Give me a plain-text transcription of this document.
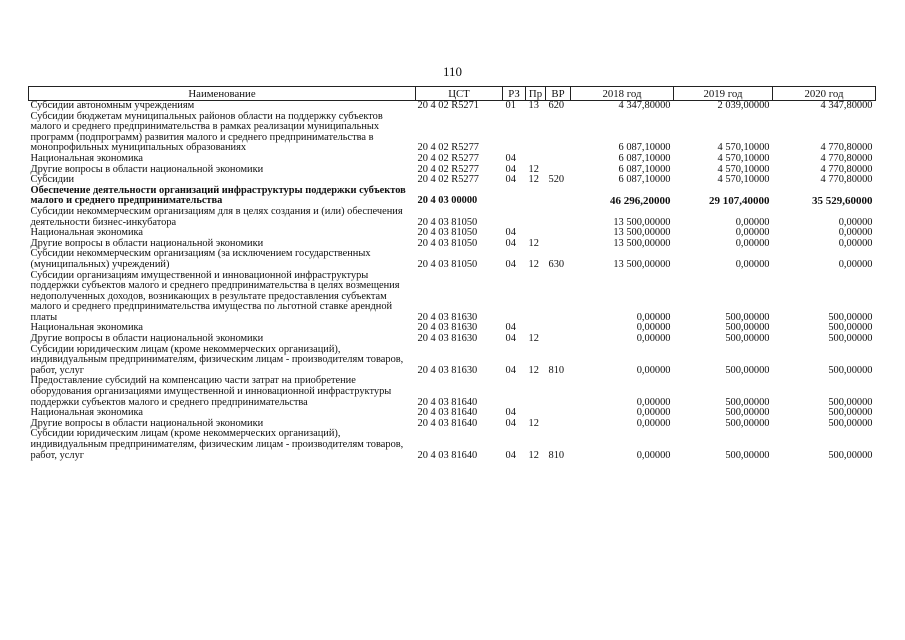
110
Наименование	ЦСТ	РЗ	Пр	ВР	2018 год	2019 год	2020 год
Субсидии автономным учреждениям	20 4 02 R5271	01	13	620	4 347,80000	2 039,00000	4 347,80000
Субсидии бюджетам муниципальных районов области на поддержку субъектов малого и среднего предпринимательства в рамках реализации муниципальных программ (подпрограмм) развития малого и среднего предпринимательства в монопрофильных муниципальных образованиях	20 4 02 R5277				6 087,10000	4 570,10000	4 770,80000
Национальная экономика	20 4 02 R5277	04			6 087,10000	4 570,10000	4 770,80000
Другие вопросы в области национальной экономики	20 4 02 R5277	04	12		6 087,10000	4 570,10000	4 770,80000
Субсидии	20 4 02 R5277	04	12	520	6 087,10000	4 570,10000	4 770,80000
Обеспечение деятельности организаций инфраструктуры поддержки субъектов малого и среднего предпринимательства	20 4 03 00000				46 296,20000	29 107,40000	35 529,60000
Субсидии некоммерческим организациям для в целях создания и (или) обеспечения деятельности бизнес-инкубатора	20 4 03 81050				13 500,00000	0,00000	0,00000
Национальная экономика	20 4 03 81050	04			13 500,00000	0,00000	0,00000
Другие вопросы в области национальной экономики	20 4 03 81050	04	12		13 500,00000	0,00000	0,00000
Субсидии некоммерческим организациям (за исключением государственных (муниципальных) учреждений)	20 4 03 81050	04	12	630	13 500,00000	0,00000	0,00000
Субсидии организациям имущественной и инновационной инфраструктуры поддержки субъектов малого и среднего предпринимательства в целях возмещения недополученных доходов, возникающих в результате предоставления субъектам малого и среднего предпринимательства имущества по льготной ставке арендной платы	20 4 03 81630				0,00000	500,00000	500,00000
Национальная экономика	20 4 03 81630	04			0,00000	500,00000	500,00000
Другие вопросы в области национальной экономики	20 4 03 81630	04	12		0,00000	500,00000	500,00000
Субсидии юридическим лицам (кроме некоммерческих организаций), индивидуальным предпринимателям, физическим лицам - производителям товаров, работ, услуг	20 4 03 81630	04	12	810	0,00000	500,00000	500,00000
Предоставление субсидий на компенсацию части затрат на приобретение оборудования организациями имущественной и инновационной инфраструктуры поддержки субъектов малого и среднего предпринимательства	20 4 03 81640				0,00000	500,00000	500,00000
Национальная экономика	20 4 03 81640	04			0,00000	500,00000	500,00000
Другие вопросы в области национальной экономики	20 4 03 81640	04	12		0,00000	500,00000	500,00000
Субсидии юридическим лицам (кроме некоммерческих организаций), индивидуальным предпринимателям, физическим лицам - производителям товаров, работ, услуг	20 4 03 81640	04	12	810	0,00000	500,00000	500,00000
